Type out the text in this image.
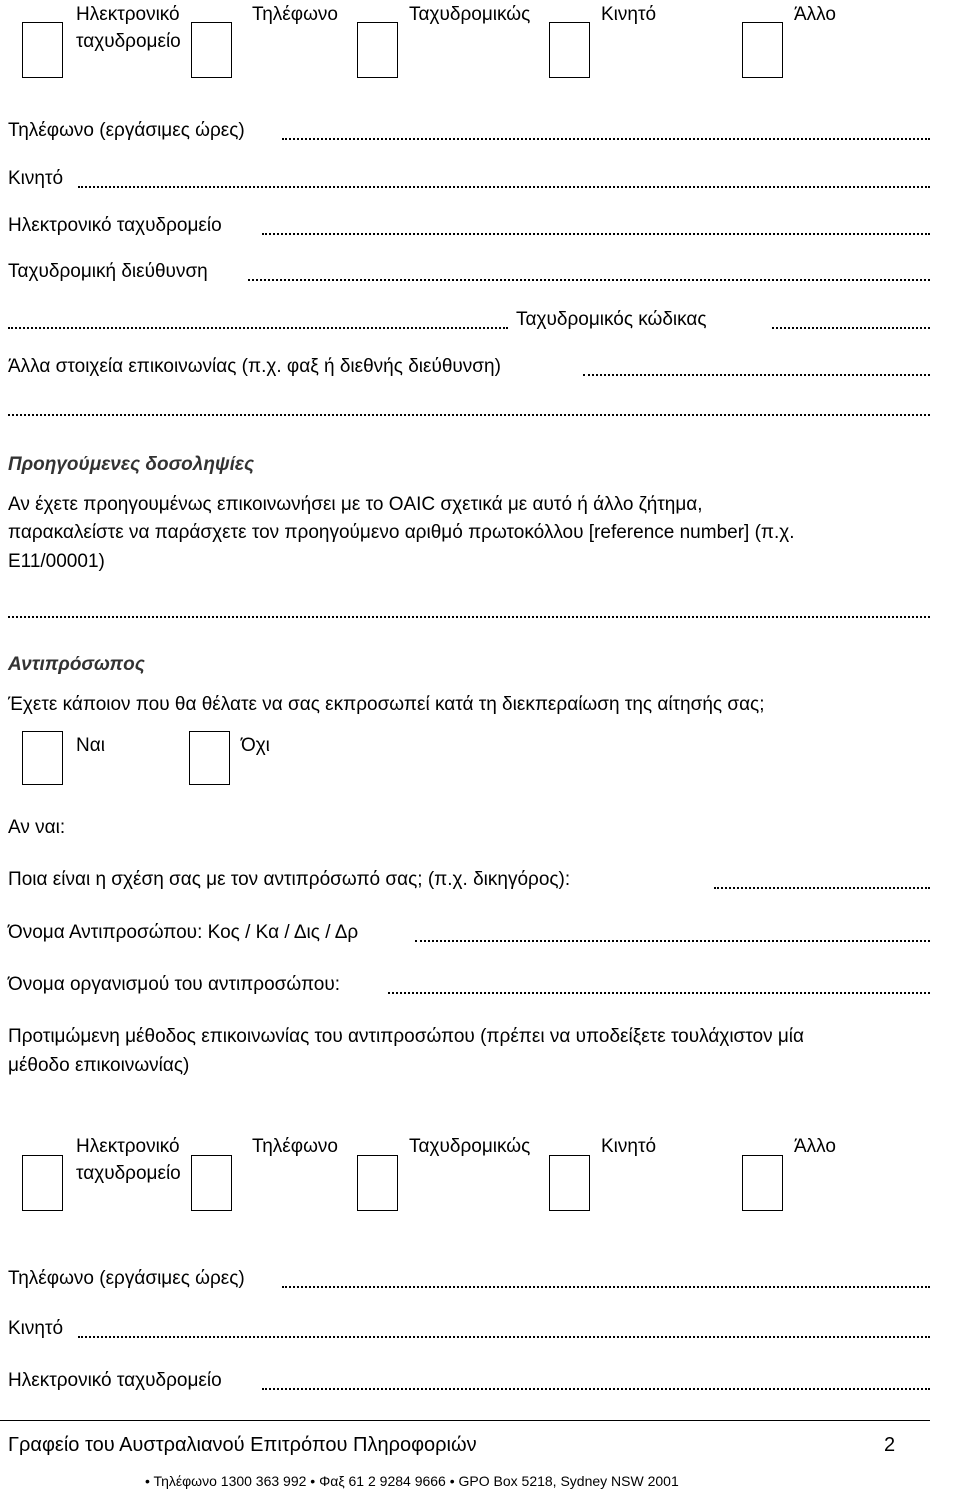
Ηλεκτρονικό
ταχυδρομείο
Τηλέφωνο	Ταχυδρομικώς	Κινητό	Άλλο
Τηλέφωνο (εργάσιμες ώρες)
Κινητό
Ηλεκτρονικό ταχυδρομείο
Ταχυδρομική διεύθυνση
Ταχυδρομικός κώδικας
Άλλα στοιχεία επικοινωνίας (π.χ. φαξ ή διεθνής διεύθυνση)
Προηγούμενες δοσοληψίες
Αν έχετε προηγουμένως επικοινωνήσει με το OAIC σχετικά με αυτό ή άλλο ζήτημα,
παρακαλείστε να παράσχετε τον προηγούμενο αριθμό πρωτοκόλλου [reference number] (π.χ.
E11/00001)
Αντιπρόσωπος
Έχετε κάποιον που θα θέλατε να σας εκπροσωπεί κατά τη διεκπεραίωση της αίτησής σας;
Ναι	Όχι
Αν ναι:
Ποια είναι η σχέση σας με τον αντιπρόσωπό σας; (π.χ. δικηγόρος):
Όνομα Αντιπροσώπου: Κος / Κα / Δις / Δρ
Όνομα οργανισμού του αντιπροσώπου:
Προτιμώμενη μέθοδος επικοινωνίας του αντιπροσώπου (πρέπει να υποδείξετε τουλάχιστον μία
μέθοδο επικοινωνίας)
Ηλεκτρονικό
ταχυδρομείο
Τηλέφωνο	Ταχυδρομικώς	Κινητό	Άλλο
Τηλέφωνο (εργάσιμες ώρες)
Κινητό
Ηλεκτρονικό ταχυδρομείο
Γραφείο του Αυστραλιανού Επιτρόπου Πληροφοριών	2
• Τηλέφωνο 1300 363 992 • Φαξ 61 2 9284 9666 • GPO Box 5218, Sydney NSW 2001
